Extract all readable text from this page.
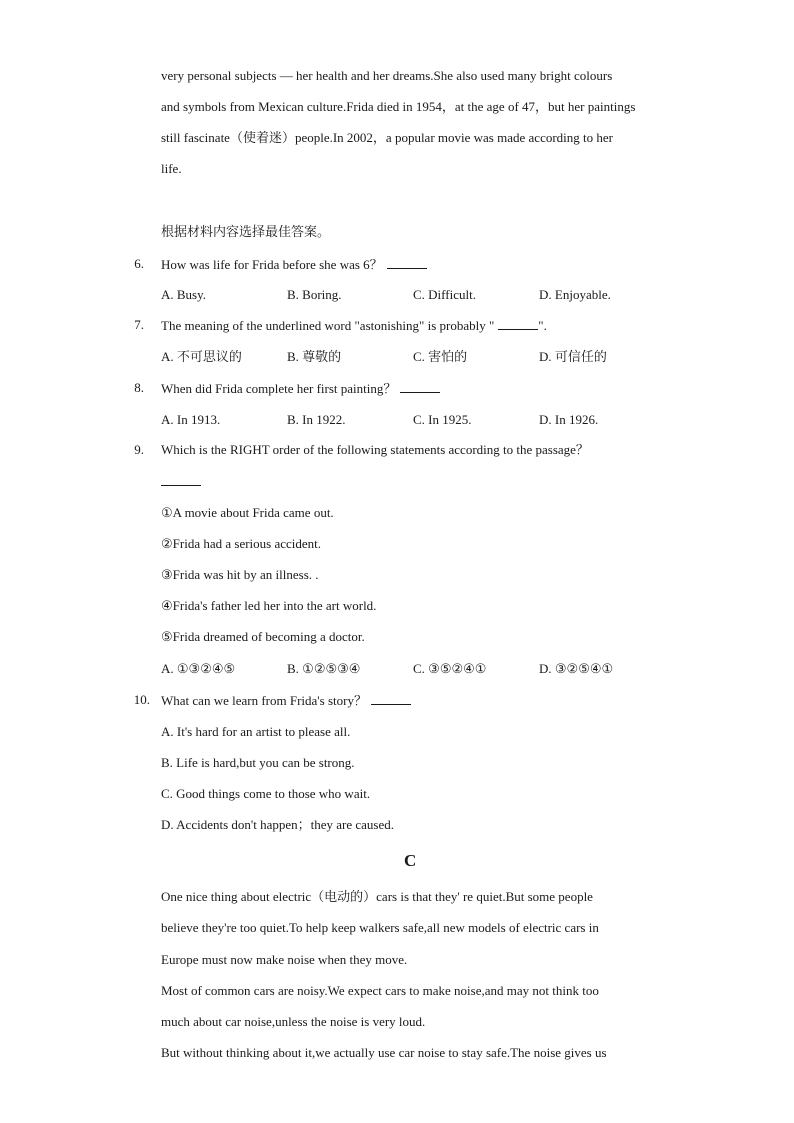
very personal subjects — her health and her dreams.She also used many bright colours
and symbols from Mexican culture.Frida died in 1954，at the age of 47，but her paintings
still fascinate（使着迷）people.In 2002，a popular movie was made according to her
life.
根据材料内容选择最佳答案。
6. How was life for Frida before she was 6？
A. Busy.	B. Boring.	C. Difficult.	D. Enjoyable.
7. The meaning of the underlined word "astonishing" is probably "	".
A. 不可思议的	B. 尊敬的	C. 害怕的	D. 可信任的
8. When did Frida complete her first painting？
A. In 1913.	B. In 1922.	C. In 1925.	D. In 1926.
9. Which is the RIGHT order of the following statements according to the passage？
①A movie about Frida came out.
②Frida had a serious accident.
③Frida was hit by an illness. .
④Frida's father led her into the art world.
⑤Frida dreamed of becoming a doctor.
A. ①③②④⑤	B. ①②⑤③④	C. ③⑤②④①	D. ③②⑤④①
10. What can we learn from Frida's story？
A. It's hard for an artist to please all.
B. Life is hard,but you can be strong.
C. Good things come to those who wait.
D. Accidents don't happen；they are caused.
C
One nice thing about electric（电动的）cars is that they' re quiet.But some people
believe they're too quiet.To help keep walkers safe,all new models of electric cars in
Europe must now make noise when they move.
Most of common cars are noisy.We expect cars to make noise,and may not think too
much about car noise,unless the noise is very loud.
But without thinking about it,we actually use car noise to stay safe.The noise gives us
